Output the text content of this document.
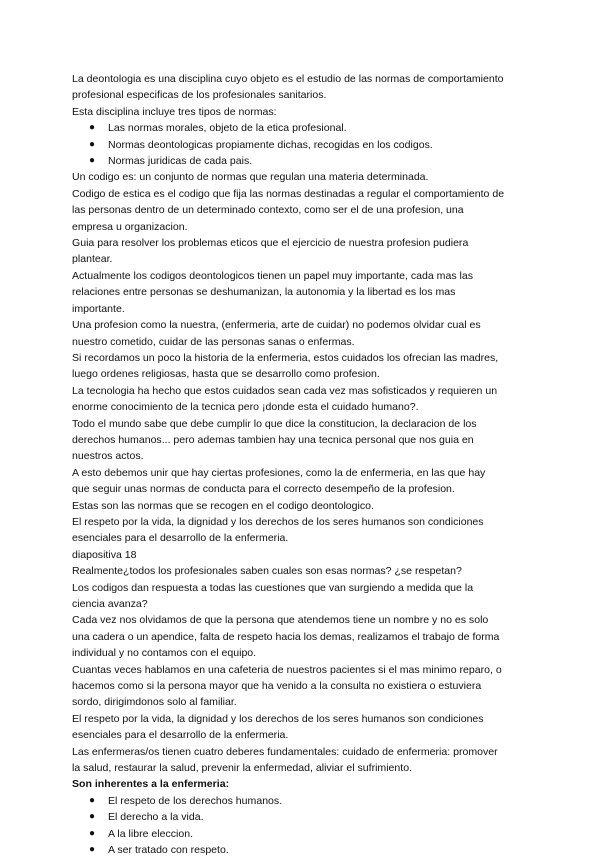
La deontologia es una disciplina cuyo objeto es el estudio de las normas de comportamiento

profesional especificas de los profesionales sanitarios.

Esta disciplina incluye tres tipos de normas:

● Las normas morales, objeto de la etica profesional.
● Normas deontologicas propiamente dichas, recogidas en los codigos.
● Normas juridicas de cada pais.

Un codigo es: un conjunto de normas que regulan una materia determinada.

Codigo de estica es el codigo que fija las normas destinadas a regular el comportamiento de

las personas dentro de un determinado contexto, como ser el de una profesion, una

empresa u organizacion.

Guia para resolver los problemas eticos que el ejercicio de nuestra profesion pudiera

plantear.

Actualmente los codigos deontologicos tienen un papel muy importante, cada mas las

relaciones entre personas se deshumanizan, la autonomia y la libertad es los mas

importante.

Una profesion como la nuestra, (enfermeria, arte de cuidar) no podemos olvidar cual es

nuestro cometido, cuidar de las personas sanas o enfermas.

Si recordamos un poco la historia de la enfermeria, estos cuidados los ofrecian las madres,

luego ordenes religiosas, hasta que se desarrollo como profesion.

La tecnologia ha hecho que estos cuidados sean cada vez mas sofisticados y requieren un

enorme conocimiento de la tecnica pero ¡donde esta el cuidado humano?.

Todo el mundo sabe que debe cumplir lo que dice la constitucion, la declaracion de los

derechos humanos... pero ademas tambien hay una tecnica personal que nos guia en

nuestros actos.

A esto debemos unir que hay ciertas profesiones, como la de enfermeria, en las que hay

que seguir unas normas de conducta para el correcto desempeño de la profesion.

Estas son las normas que se recogen en el codigo deontologico.

El respeto por la vida, la dignidad y los derechos de los seres humanos son condiciones

esenciales para el desarrollo de la enfermeria.

diapositiva 18

Realmente¿todos los profesionales saben cuales son esas normas? ¿se respetan?

Los codigos dan respuesta a todas las cuestiones que van surgiendo a medida que la

ciencia avanza?

Cada vez nos olvidamos de que la persona que atendemos tiene un nombre y no es solo

una cadera o un apendice, falta de respeto hacia los demas, realizamos el trabajo de forma

individual y no contamos con el equipo.

Cuantas veces hablamos en una cafeteria de nuestros pacientes si el mas minimo reparo, o

hacemos como si la persona mayor que ha venido a la consulta no existiera o estuviera

sordo, dirigimdonos solo al familiar.

El respeto por la vida, la dignidad y los derechos de los seres humanos son condiciones

esenciales para el desarrollo de la enfermeria.

Las enfermeras/os tienen cuatro deberes fundamentales: cuidado de enfermeria: promover

la salud, restaurar la salud, prevenir la enfermedad, aliviar el sufrimiento.

Son inherentes a la enfermeria:

● El respeto de los derechos humanos.
● El derecho a la vida.
● A la libre eleccion.
● A ser tratado con respeto.
